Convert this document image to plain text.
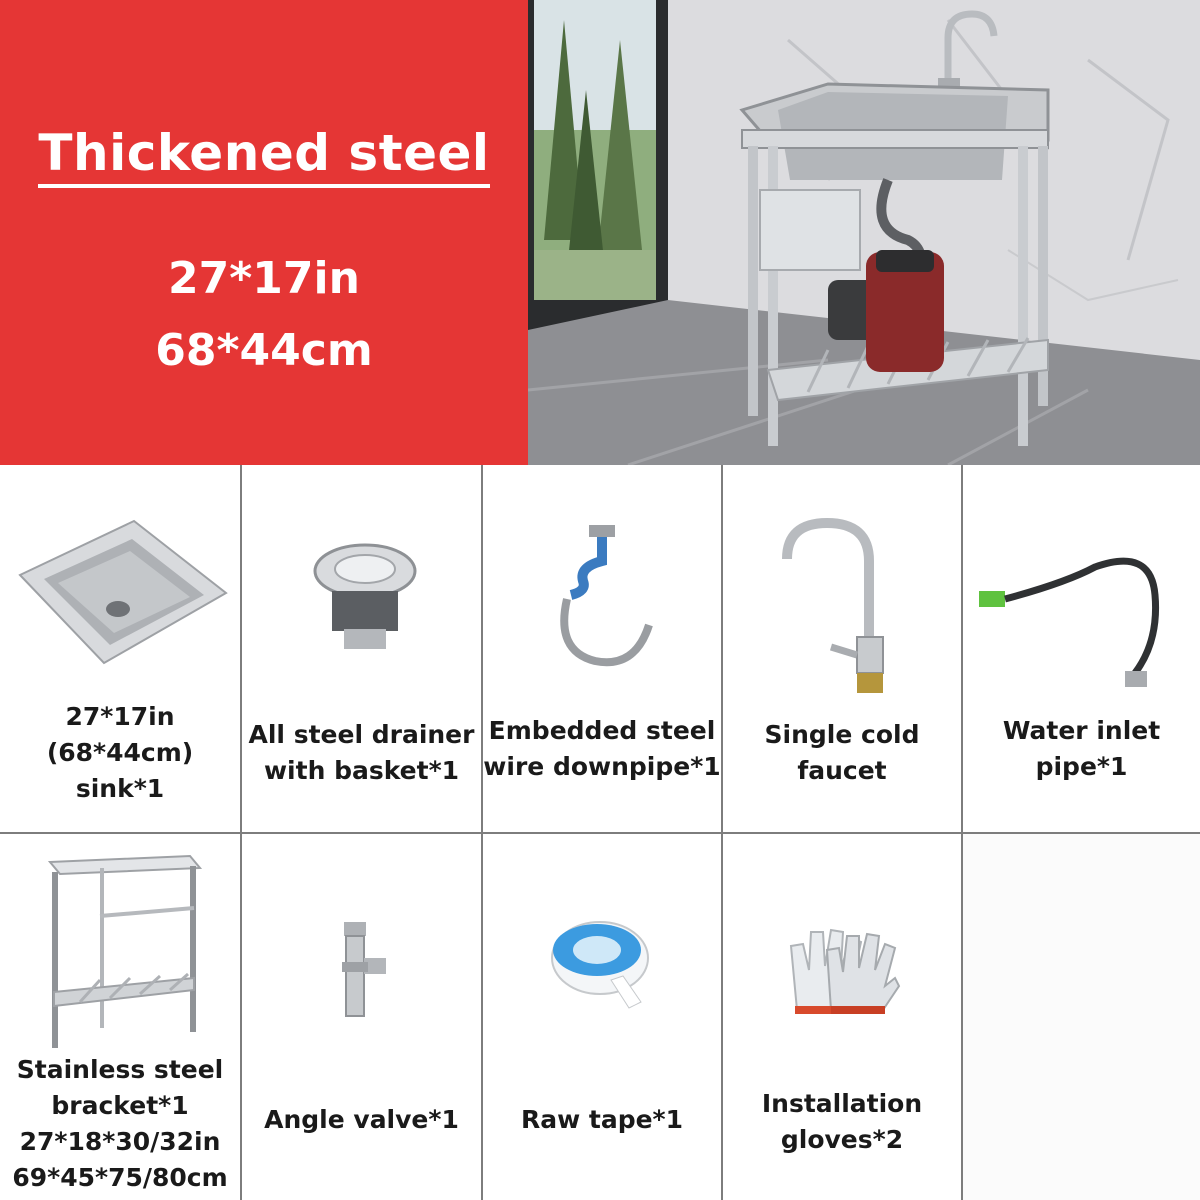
Thickened steel
27*17in
68*44cm
27*17in
(68*44cm)
sink*1
All steel drainer
with basket*1
Embedded steel
wire downpipe*1
Single cold
faucet
Water inlet
pipe*1
Stainless steel
bracket*1
27*18*30/32in
69*45*75/80cm
Angle valve*1	Raw tape*1
Installation
gloves*2
